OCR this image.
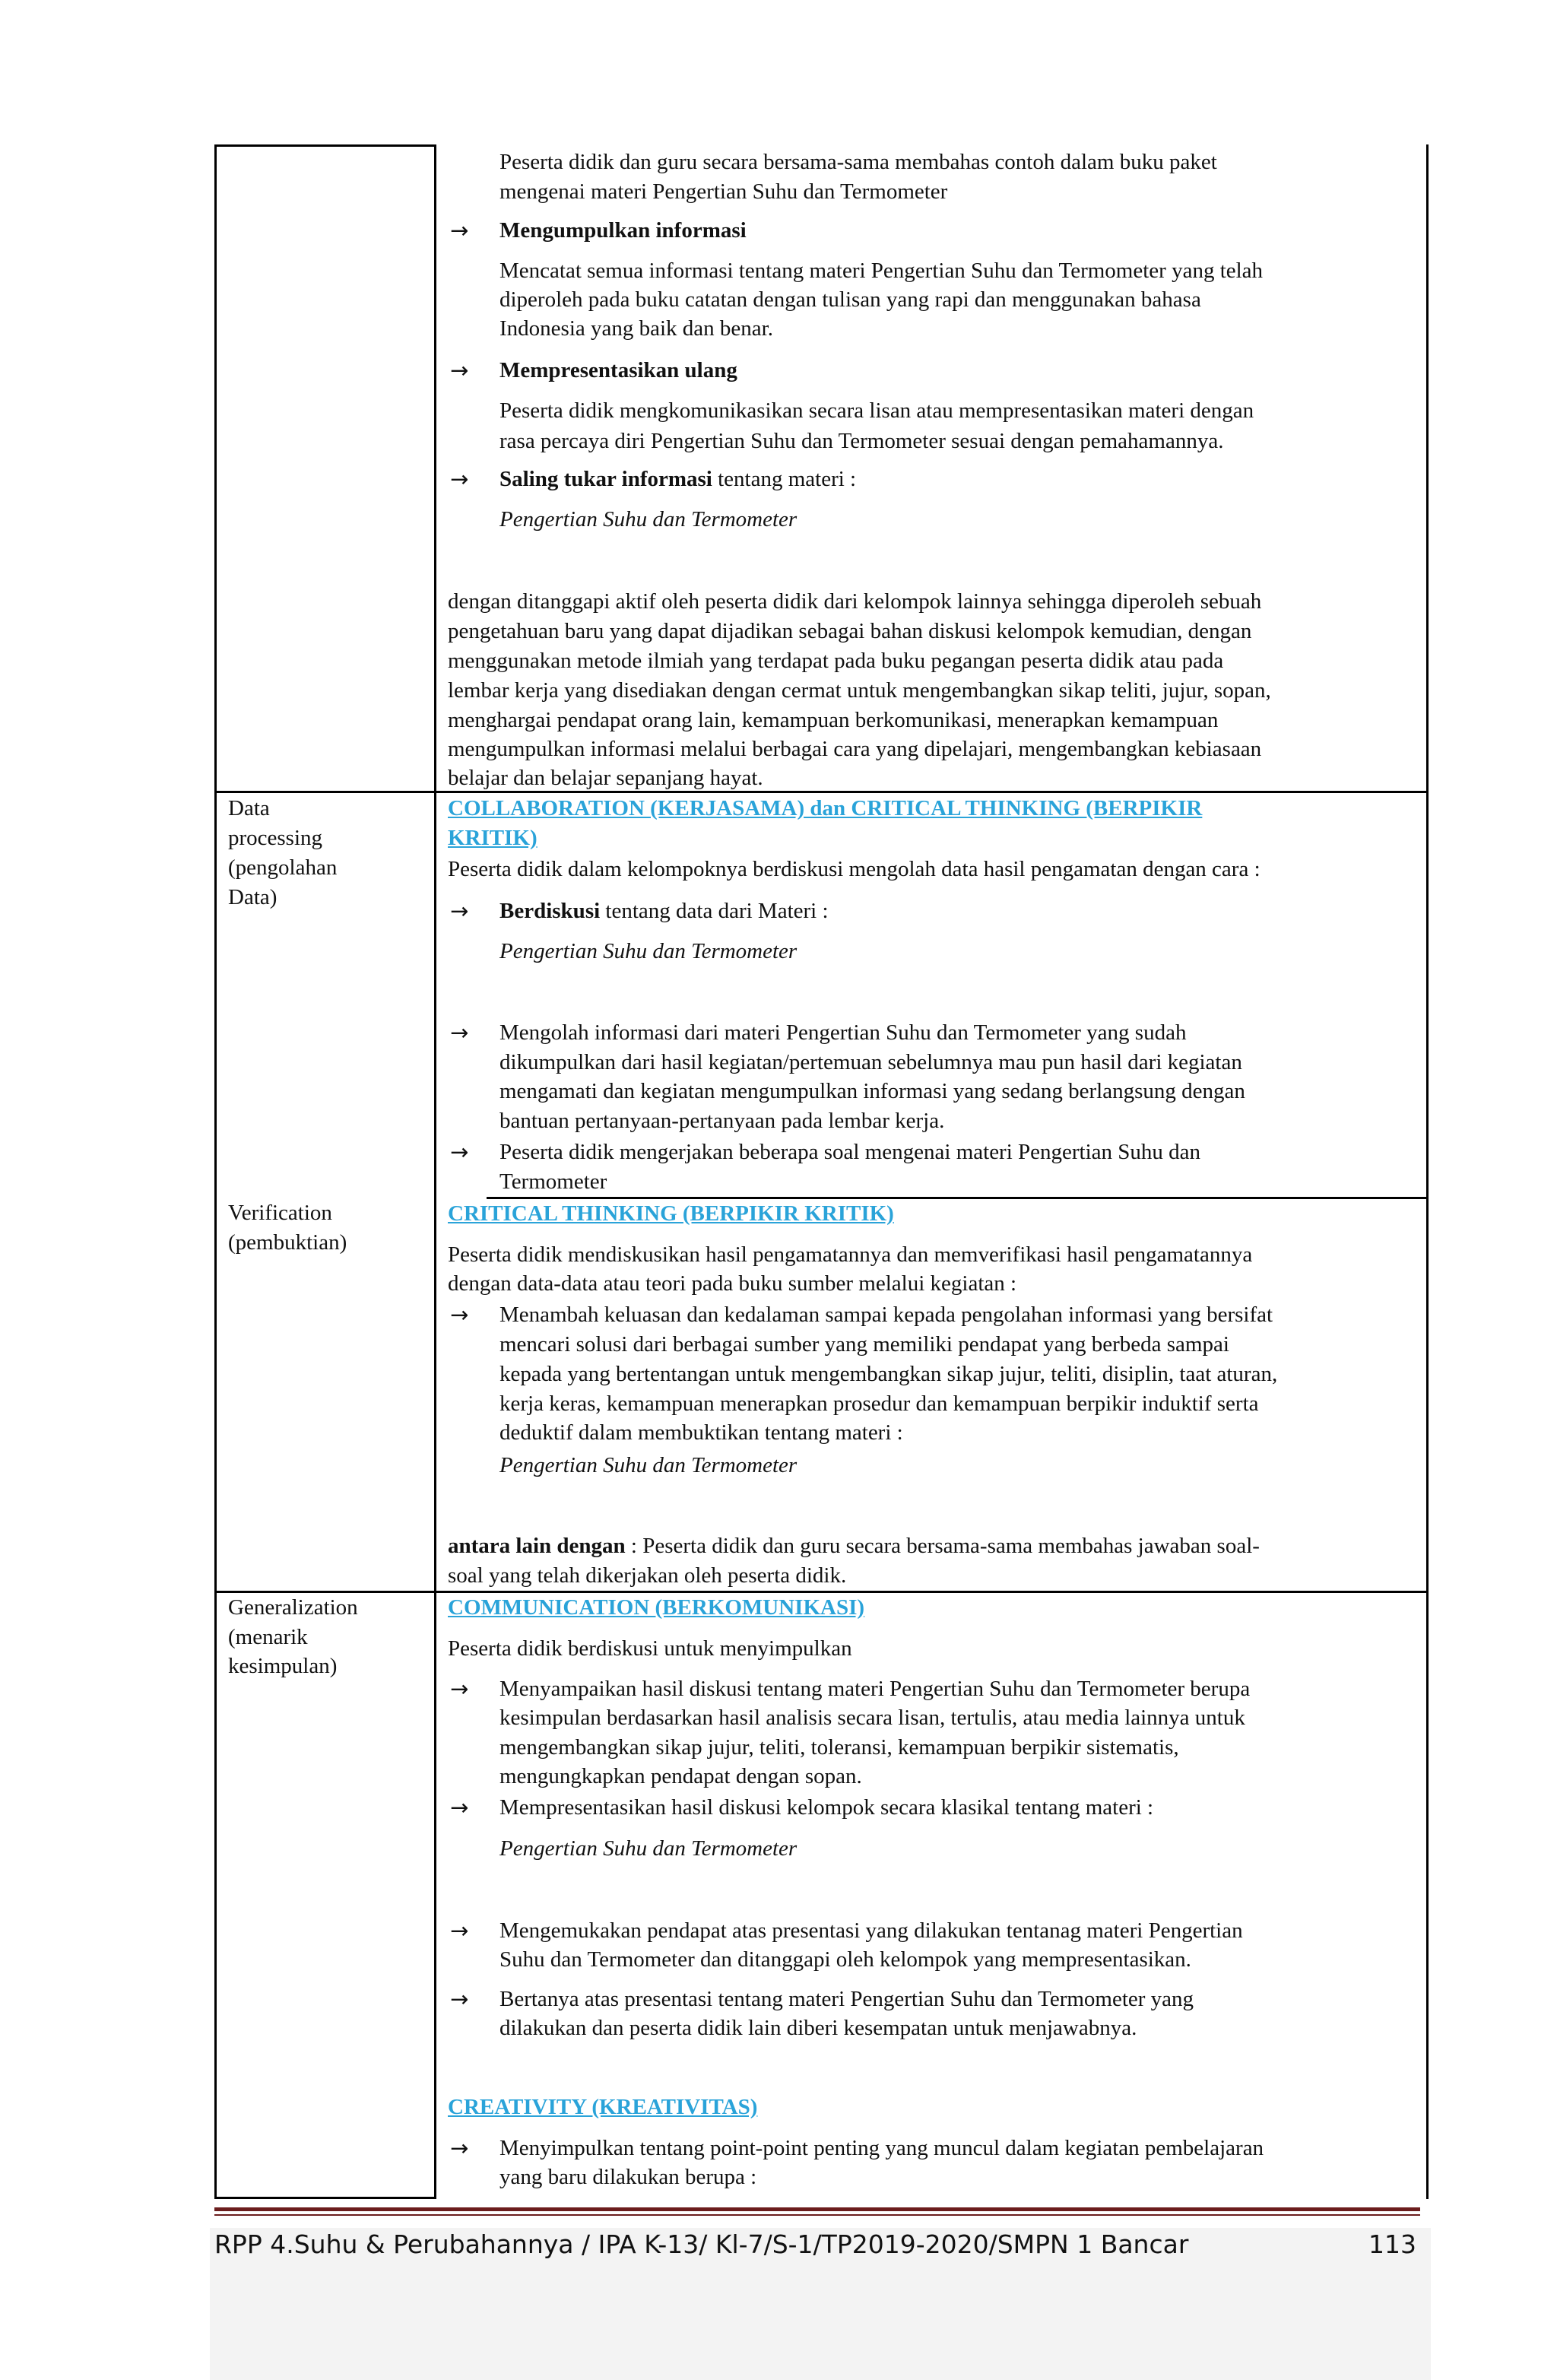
Peserta didik dan guru secara bersama-sama membahas contoh dalam buku paket
mengenai materi Pengertian Suhu dan Termometer
→ Mengumpulkan informasi
Mencatat semua informasi tentang materi Pengertian Suhu dan Termometer yang telah
diperoleh pada buku catatan dengan tulisan yang rapi dan menggunakan bahasa
Indonesia yang baik dan benar.
→ Mempresentasikan ulang
Peserta didik mengkomunikasikan secara lisan atau mempresentasikan materi dengan
rasa percaya diri Pengertian Suhu dan Termometer sesuai dengan pemahamannya.
→ Saling tukar informasi tentang materi :
Pengertian Suhu dan Termometer
dengan ditanggapi aktif oleh peserta didik dari kelompok lainnya sehingga diperoleh sebuah
pengetahuan baru yang dapat dijadikan sebagai bahan diskusi kelompok kemudian, dengan
menggunakan metode ilmiah yang terdapat pada buku pegangan peserta didik atau pada
lembar kerja yang disediakan dengan cermat untuk mengembangkan sikap teliti, jujur, sopan,
menghargai pendapat orang lain, kemampuan berkomunikasi, menerapkan kemampuan
mengumpulkan informasi melalui berbagai cara yang dipelajari, mengembangkan kebiasaan
belajar dan belajar sepanjang hayat.
Data
processing
(pengolahan
Data)
COLLABORATION (KERJASAMA) dan CRITICAL THINKING (BERPIKIR
KRITIK)
Peserta didik dalam kelompoknya berdiskusi mengolah data hasil pengamatan dengan cara :
→ Berdiskusi tentang data dari Materi :
Pengertian Suhu dan Termometer
→ Mengolah informasi dari materi Pengertian Suhu dan Termometer yang sudah
dikumpulkan dari hasil kegiatan/pertemuan sebelumnya mau pun hasil dari kegiatan
mengamati dan kegiatan mengumpulkan informasi yang sedang berlangsung dengan
bantuan pertanyaan-pertanyaan pada lembar kerja.
→ Peserta didik mengerjakan beberapa soal mengenai materi Pengertian Suhu dan
Termometer
Verification
(pembuktian)
CRITICAL THINKING (BERPIKIR KRITIK)
Peserta didik mendiskusikan hasil pengamatannya dan memverifikasi hasil pengamatannya
dengan data-data atau teori pada buku sumber melalui kegiatan :
→ Menambah keluasan dan kedalaman sampai kepada pengolahan informasi yang bersifat
mencari solusi dari berbagai sumber yang memiliki pendapat yang berbeda sampai
kepada yang bertentangan untuk mengembangkan sikap jujur, teliti, disiplin, taat aturan,
kerja keras, kemampuan menerapkan prosedur dan kemampuan berpikir induktif serta
deduktif dalam membuktikan tentang materi :
Pengertian Suhu dan Termometer
antara lain dengan : Peserta didik dan guru secara bersama-sama membahas jawaban soal-
soal yang telah dikerjakan oleh peserta didik.
Generalization
(menarik
kesimpulan)
COMMUNICATION (BERKOMUNIKASI)
Peserta didik berdiskusi untuk menyimpulkan
→ Menyampaikan hasil diskusi tentang materi Pengertian Suhu dan Termometer berupa
kesimpulan berdasarkan hasil analisis secara lisan, tertulis, atau media lainnya untuk
mengembangkan sikap jujur, teliti, toleransi, kemampuan berpikir sistematis,
mengungkapkan pendapat dengan sopan.
→ Mempresentasikan hasil diskusi kelompok secara klasikal tentang materi :
Pengertian Suhu dan Termometer
→ Mengemukakan pendapat atas presentasi yang dilakukan tentanag materi Pengertian
Suhu dan Termometer dan ditanggapi oleh kelompok yang mempresentasikan.
→ Bertanya atas presentasi tentang materi Pengertian Suhu dan Termometer yang
dilakukan dan peserta didik lain diberi kesempatan untuk menjawabnya.
CREATIVITY (KREATIVITAS)
→ Menyimpulkan tentang point-point penting yang muncul dalam kegiatan pembelajaran
yang baru dilakukan berupa :
RPP 4.Suhu & Perubahannya / IPA K-13/ Kl-7/S-1/TP2019-2020/SMPN 1 Bancar	113
